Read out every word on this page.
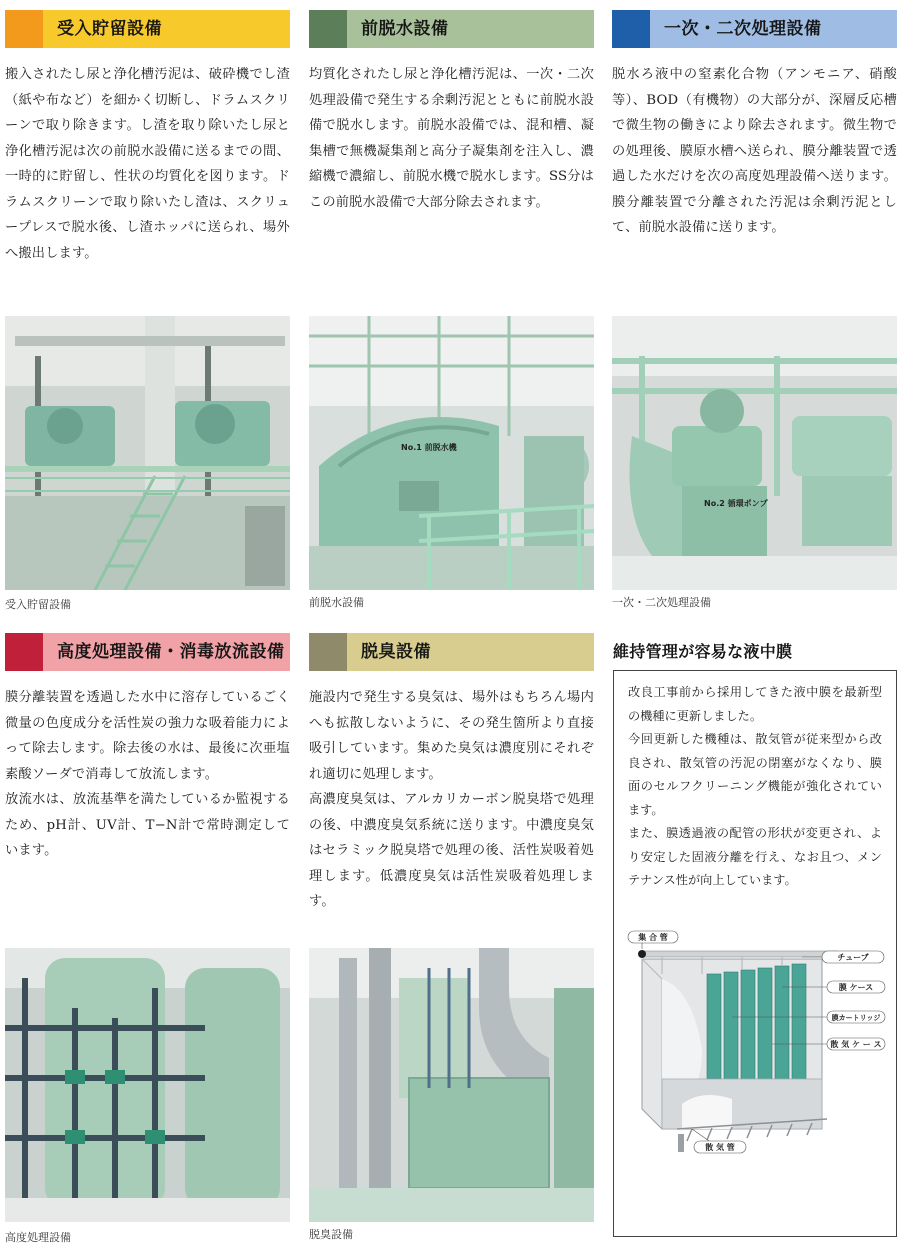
受入貯留設備

搬入されたし尿と浄化槽汚泥は、破砕機でし渣（紙や布など）を細かく切断し、ドラムスクリーンで取り除きます。し渣を取り除いたし尿と浄化槽汚泥は次の前脱水設備に送るまでの間、一時的に貯留し、性状の均質化を図ります。ドラムスクリーンで取り除いたし渣は、スクリュープレスで脱水後、し渣ホッパに送られ、場外へ搬出します。

前脱水設備

均質化されたし尿と浄化槽汚泥は、一次・二次処理設備で発生する余剰汚泥とともに前脱水設備で脱水します。前脱水設備では、混和槽、凝集槽で無機凝集剤と高分子凝集剤を注入し、濃縮機で濃縮し、前脱水機で脱水します。SS分はこの前脱水設備で大部分除去されます。

一次・二次処理設備

脱水ろ液中の窒素化合物（アンモニア、硝酸等）、BOD（有機物）の大部分が、深層反応槽で微生物の働きにより除去されます。微生物での処理後、膜原水槽へ送られ、膜分離装置で透過した水だけを次の高度処理設備へ送ります。膜分離装置で分離された汚泥は余剰汚泥として、前脱水設備に送ります。

受入貯留設備
No.1 前脱水機
前脱水設備
No.2 循環ポンプ
一次・二次処理設備
高度処理設備・消毒放流設備

膜分離装置を透過した水中に溶存しているごく微量の色度成分を活性炭の強力な吸着能力によって除去します。除去後の水は、最後に次亜塩素酸ソーダで消毒して放流します。

放流水は、放流基準を満たしているか監視するため、pH計、UV計、T−N計で常時測定しています。

脱臭設備

施設内で発生する臭気は、場外はもちろん場内へも拡散しないように、その発生箇所より直接吸引しています。集めた臭気は濃度別にそれぞれ適切に処理します。

高濃度臭気は、アルカリカーボン脱臭塔で処理の後、中濃度臭気系統に送ります。中濃度臭気はセラミック脱臭塔で処理の後、活性炭吸着処理します。低濃度臭気は活性炭吸着処理します。

維持管理が容易な液中膜

改良工事前から採用してきた液中膜を最新型の機種に更新しました。

今回更新した機種は、散気管が従来型から改良され、散気管の汚泥の閉塞がなくなり、膜面のセルフクリーニング機能が強化されています。

また、膜透過液の配管の形状が変更され、より安定した固液分離を行え、なお且つ、メンテナンス性が向上しています。

集 合 管
チューブ
膜 ケース
膜カートリッジ
散 気 ケ ー ス
散 気 管
高度処理設備	脱臭設備
